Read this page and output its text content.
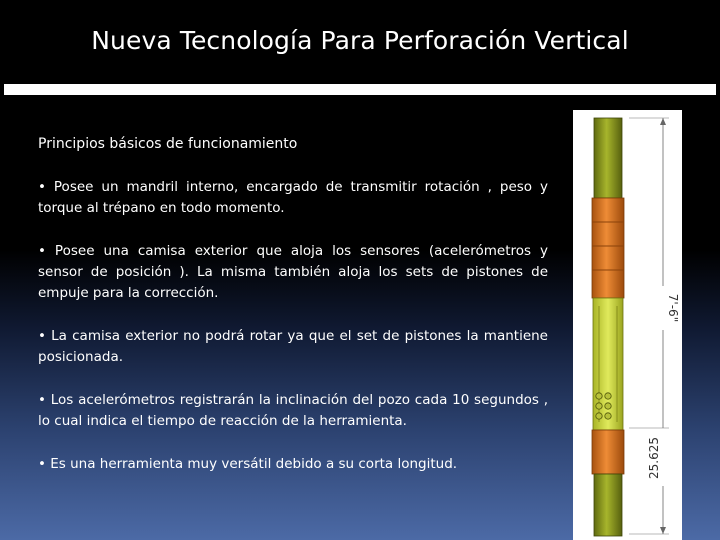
Nueva Tecnología Para Perforación Vertical
Principios básicos de funcionamiento
• Posee un mandril interno, encargado de transmitir rotación , peso y torque al trépano en todo momento.
• Posee una camisa exterior que aloja los sensores (acelerómetros y sensor de posición ). La misma también aloja los sets de pistones de empuje para la corrección.
• La camisa exterior no podrá rotar ya que el set de pistones la mantiene posicionada.
• Los acelerómetros registrarán la inclinación del pozo cada 10 segundos , lo cual indica el tiempo de reacción de la herramienta.
• Es una herramienta muy versátil debido a su corta longitud.
7'-6"
25.625
